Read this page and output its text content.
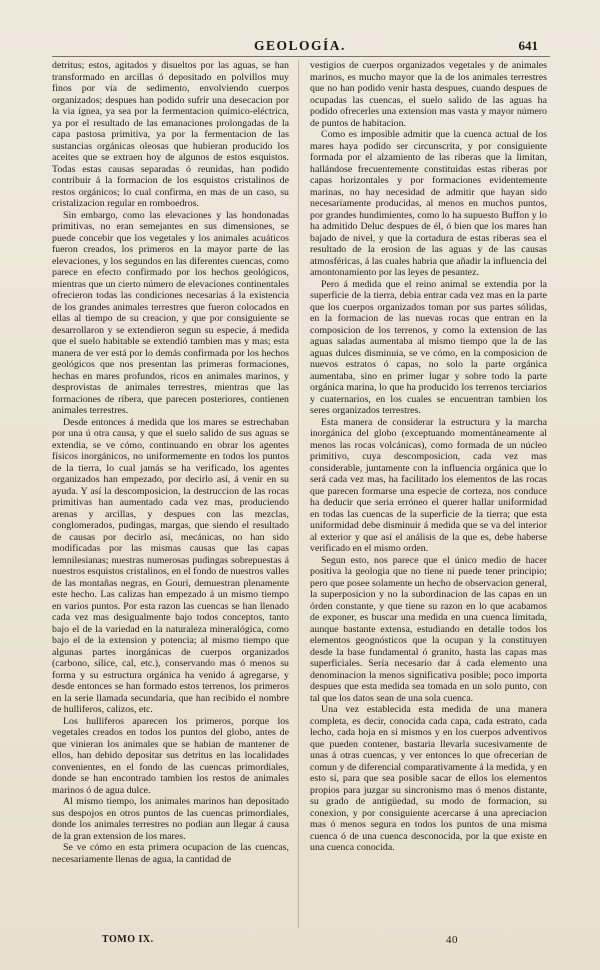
GEOLOGÍA.	641

detritus; estos, agitados y disueltos por las aguas, se han transformado en arcillas ó depositado en polvillos muy finos por vía de sedimento, envolviendo cuerpos organizados; despues han podido sufrir una desecacion por la via ígnea, ya sea por la fermentacion químico-eléctrica, ya por el resultado de las emanaciones prolongadas de la capa pastosa primitiva, ya por la fermentacion de las sustancias orgánicas oleosas que hubieran producido los aceites que se extraen hoy de algunos de estos esquistos. Todas estas causas separadas ó reunidas, han podido contribuir á la formacion de los esquistos cristalinos de restos orgánicos; lo cual confirma, en mas de un caso, su cristalizacion regular en romboedros.

Sin embargo, como las elevaciones y las hondonadas primitivas, no eran semejantes en sus dimensiones, se puede concebir que los vegetales y los animales acuáticos fueron creados, los primeros en la mayor parte de las elevaciones, y los segundos en las diferentes cuencas, como parece en efecto confirmado por los hechos geológicos, mientras que un cierto número de elevaciones continentales ofrecieron todas las condiciones necesarias á la existencia de los grandes animales terrestres que fueron colocados en ellas al tiempo de su creacion, y que por consiguiente se desarrollaron y se extendieron segun su especie, á medida que el suelo habitable se extendió tambien mas y mas; esta manera de ver está por lo demás confirmada por los hechos geológicos que nos presentan las primeras formaciones, hechas en mares profundos, ricos en animales marinos, y desprovistas de animales terrestres, mientras que las formaciones de ribera, que parecen posteriores, contienen animales terrestres.

Desde entonces á medida que los mares se estrechaban por una ú otra causa, y que el suelo salido de sus aguas se extendia, se ve cómo, continuando en obrar los agentes físicos inorgánicos, no uniformemente en todos los puntos de la tierra, lo cual jamás se ha verificado, los agentes organizados han empezado, por decirlo así, á venir en su ayuda. Y así la descomposicion, la destruccion de las rocas primitivas han aumentado cada vez mas, produciendo arenas y arcillas, y despues con las mezclas, conglomerados, pudingas, margas, que siendo el resultado de causas por decirlo así, mecánicas, no han sido modificadas por las mismas causas que las capas lemnilesianas; nuestras numerosas pudingas sobrepuestas á nuestros esquistos cristalinos, en el fondo de nuestros valles de las montañas negras, en Gouri, demuestran plenamente este hecho. Las calizas han empezado á un mismo tiempo en varios puntos. Por esta razon las cuencas se han llenado cada vez mas desigualmente bajo todos conceptos, tanto bajo el de la variedad en la naturaleza mineralógica, como bajo el de la extension y potencia; al mismo tiempo que algunas partes inorgánicas de cuerpos organizados (carbono, sílice, cal, etc.), conservando mas ó menos su forma y su estructura orgánica ha venido á agregarse, y desde entonces se han formado estos terrenos, los primeros en la serie llamada secundaria, que han recibido el nombre de hulliferos, calizos, etc.

Los hulliferos aparecen los primeros, porque los vegetales creados en todos los puntos del globo, antes de que vinieran los animales que se habian de mantener de ellos, han debido depositar sus detritus en las localidades convenientes, en el fondo de las cuencas primordiales, donde se han encontrado tambien los restos de animales marinos ó de agua dulce.

Al mismo tiempo, los animales marinos han depositado sus despojos en otros puntos de las cuencas primordiales, donde los animales terrestres no podian aun llegar á causa de la gran extension de los mares.

Se ve cómo en esta primera ocupacion de las cuencas, necesariamente llenas de agua, la cantidad de

vestigios de cuerpos organizados vegetales y de animales marinos, es mucho mayor que la de los animales terrestres que no han podido venir hasta despues, cuando despues de ocupadas las cuencas, el suelo salido de las aguas ha podido ofrecerles una extension mas vasta y mayor número de puntos de habitacion.

Como es imposible admitir que la cuenca actual de los mares haya podido ser circunscrita, y por consiguiente formada por el alzamiento de las riberas que la limitan, hallándose frecuentemente constituidas estas riberas por capas horizontales y por formaciones evidentemente marinas, no hay necesidad de admitir que hayan sido necesariamente producidas, al menos en muchos puntos, por grandes hundimientes, como lo ha supuesto Buffon y lo ha admitido Deluc despues de él, ó bien que los mares han bajado de nivel, y que la cortadura de estas riberas sea el resultado de la erosion de las aguas y de las causas atmosféricas, á las cuales habria que añadir la influencia del amontonamiento por las leyes de pesantez.

Pero á medida que el reino animal se extendia por la superficie de la tierra, debia entrar cada vez mas en la parte que los cuerpos organizados toman por sus partes sólidas, en la formacion de las nuevas rocas que entran en la composicion de los terrenos, y como la extension de las aguas saladas aumentaba al mismo tiempo que la de las aguas dulces disminuia, se ve cómo, en la composicion de nuevos estratos ó capas, no solo la parte orgánica aumentaba, sino en primer lugar y sobre todo la parte orgánica marina, lo que ha producido los terrenos terciarios y cuaternarios, en los cuales se encuentran tambien los seres organizados terrestres.

Esta manera de considerar la estructura y la marcha inorgánica del globo (exceptuando momentáneamente al menos las rocas volcánicas), como formada de un núcleo primitivo, cuya descomposicion, cada vez mas considerable, juntamente con la influencia orgánica que lo será cada vez mas, ha facilitado los elementos de las rocas que parecen formarse una especie de corteza, nos conduce ha deducir que seria erróneo el querer hallar uniformidad en todas las cuencas de la superficie de la tierra; que esta uniformidad debe disminuir á medida que se va del interior al exterior y que así el análisis de la que es, debe haberse verificado en el mismo orden.

Segun esto, nos parece que el único medio de hacer positiva la geologia que no tiene ni puede tener principio; pero que posee solamente un hecho de observacion general, la superposicion y no la subordinacion de las capas en un órden constante, y que tiene su razon en lo que acabamos de exponer, es buscar una medida en una cuenca limitada, aunque bastante extensa, estudiando en detalle todos los elementos geognósticos que la ocupan y la constituyen desde la base fundamental ó granito, hasta las capas mas superficiales. Sería necesario dar á cada elemento una denominacion la menos significativa posible; poco importa despues que esta medida sea tomada en un solo punto, con tal que los datos sean de una sola cuenca.

Una vez establecida esta medida de una manera completa, es decir, conocida cada capa, cada estrato, cada lecho, cada hoja en sí mismos y en los cuerpos adventivos que pueden contener, bastaria llevarla sucesivamente de unas á otras cuencas, y ver entonces lo que ofrecerian de comun y de diferencial comparativamente á la medida, y en esto sí, para que sea posible sacar de ellos los elementos propios para juzgar su sincronismo mas ó menos distante, su grado de antigüedad, su modo de formacion, su conexion, y por consiguiente acercarse á una apreciacion mas ó menos segura en todos los puntos de una misma cuenca ó de una cuenca desconocida, por la que existe en una cuenca conocida.

TOMO IX.	40
